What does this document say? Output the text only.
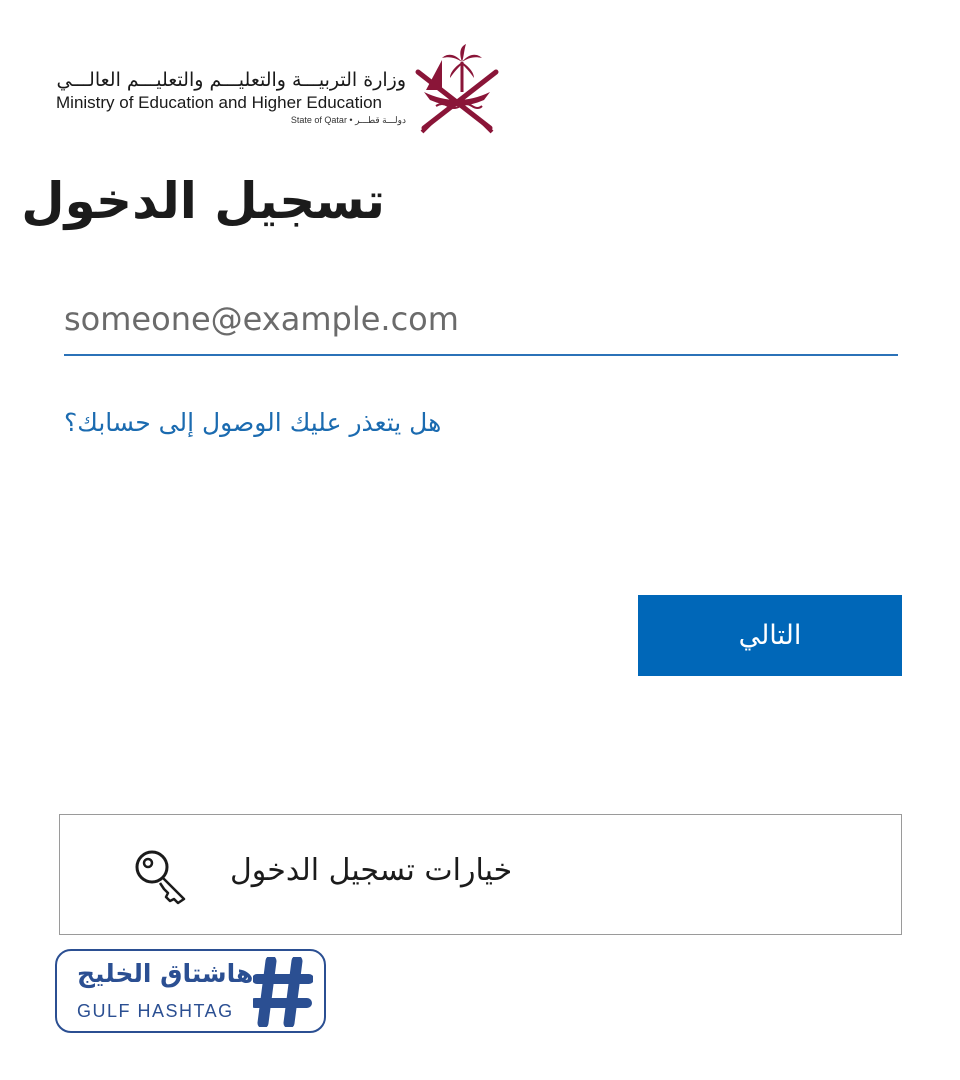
وزارة التربيـــة والتعليـــم والتعليـــم العالـــي
Ministry of Education and Higher Education
State of Qatar • دولـــة قطـــر
تسجيل الدخول
someone@example.com
هل يتعذر عليك الوصول إلى حسابك؟
التالي
خيارات تسجيل الدخول
هاشتاق الخليج
GULF HASHTAG
